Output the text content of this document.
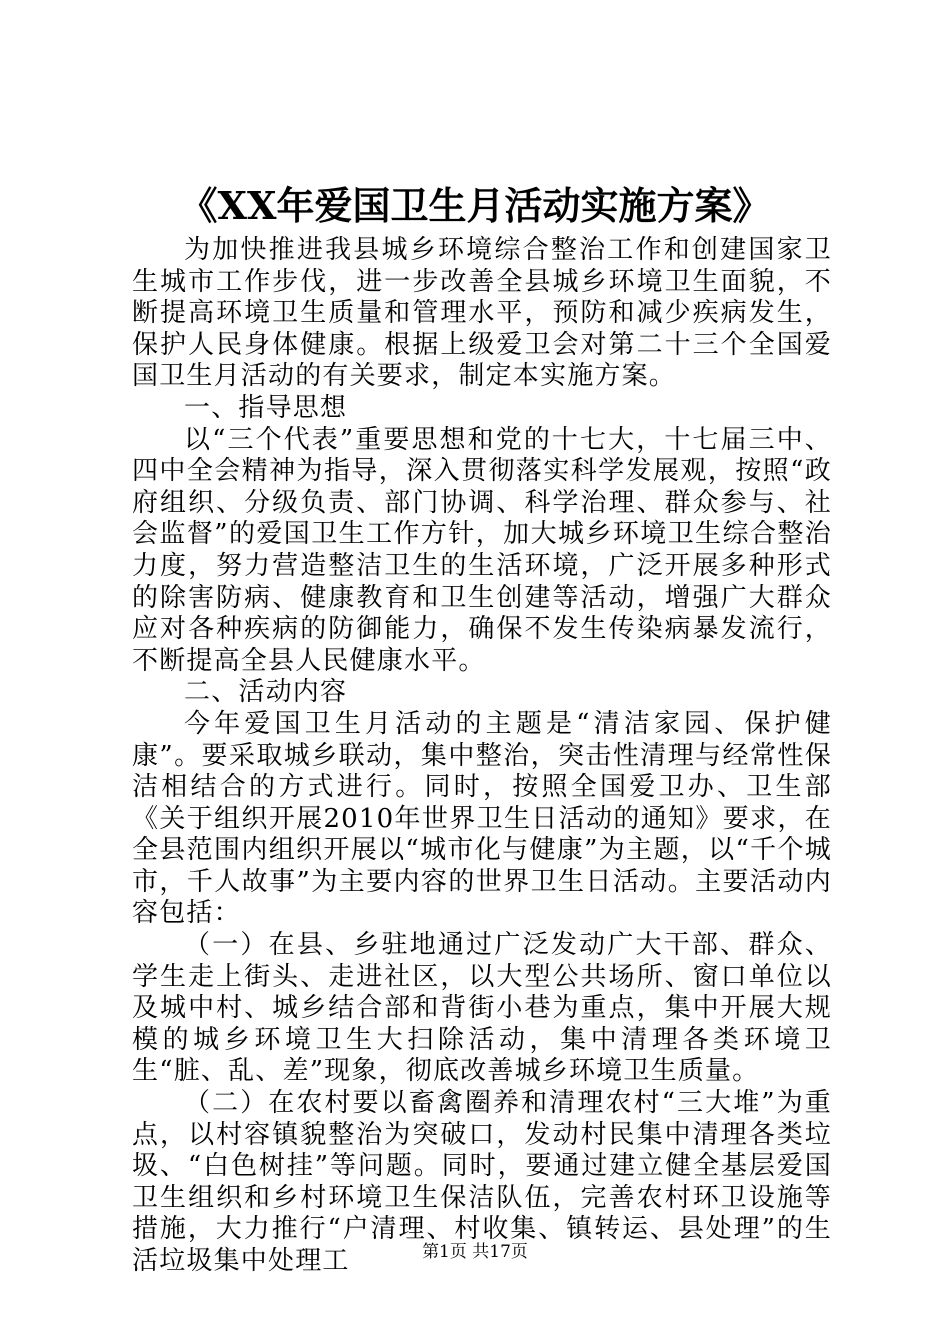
《XX年爱国卫生月活动实施方案》

为加快推进我县城乡环境综合整治工作和创建国家卫生城市工作步伐，进一步改善全县城乡环境卫生面貌，不断提高环境卫生质量和管理水平，预防和减少疾病发生，保护人民身体健康。根据上级爱卫会对第二十三个全国爱国卫生月活动的有关要求，制定本实施方案。

一、指导思想

以“三个代表”重要思想和党的十七大，十七届三中、四中全会精神为指导，深入贯彻落实科学发展观，按照“政府组织、分级负责、部门协调、科学治理、群众参与、社会监督”的爱国卫生工作方针，加大城乡环境卫生综合整治力度，努力营造整洁卫生的生活环境，广泛开展多种形式的除害防病、健康教育和卫生创建等活动，增强广大群众应对各种疾病的防御能力，确保不发生传染病暴发流行，不断提高全县人民健康水平。

二、活动内容

今年爱国卫生月活动的主题是“清洁家园、保护健康”。要采取城乡联动，集中整治，突击性清理与经常性保洁相结合的方式进行。同时，按照全国爱卫办、卫生部《关于组织开展2010年世界卫生日活动的通知》要求，在全县范围内组织开展以“城市化与健康”为主题，以“千个城市，千人故事”为主要内容的世界卫生日活动。主要活动内容包括：

（一）在县、乡驻地通过广泛发动广大干部、群众、学生走上街头、走进社区，以大型公共场所、窗口单位以及城中村、城乡结合部和背街小巷为重点，集中开展大规模的城乡环境卫生大扫除活动，集中清理各类环境卫生“脏、乱、差”现象，彻底改善城乡环境卫生质量。

（二）在农村要以畜禽圈养和清理农村“三大堆”为重点，以村容镇貌整治为突破口，发动村民集中清理各类垃圾、“白色树挂”等问题。同时，要通过建立健全基层爱国卫生组织和乡村环境卫生保洁队伍，完善农村环卫设施等措施，大力推行“户清理、村收集、镇转运、县处理”的生活垃圾集中处理工	第1页 共17页
